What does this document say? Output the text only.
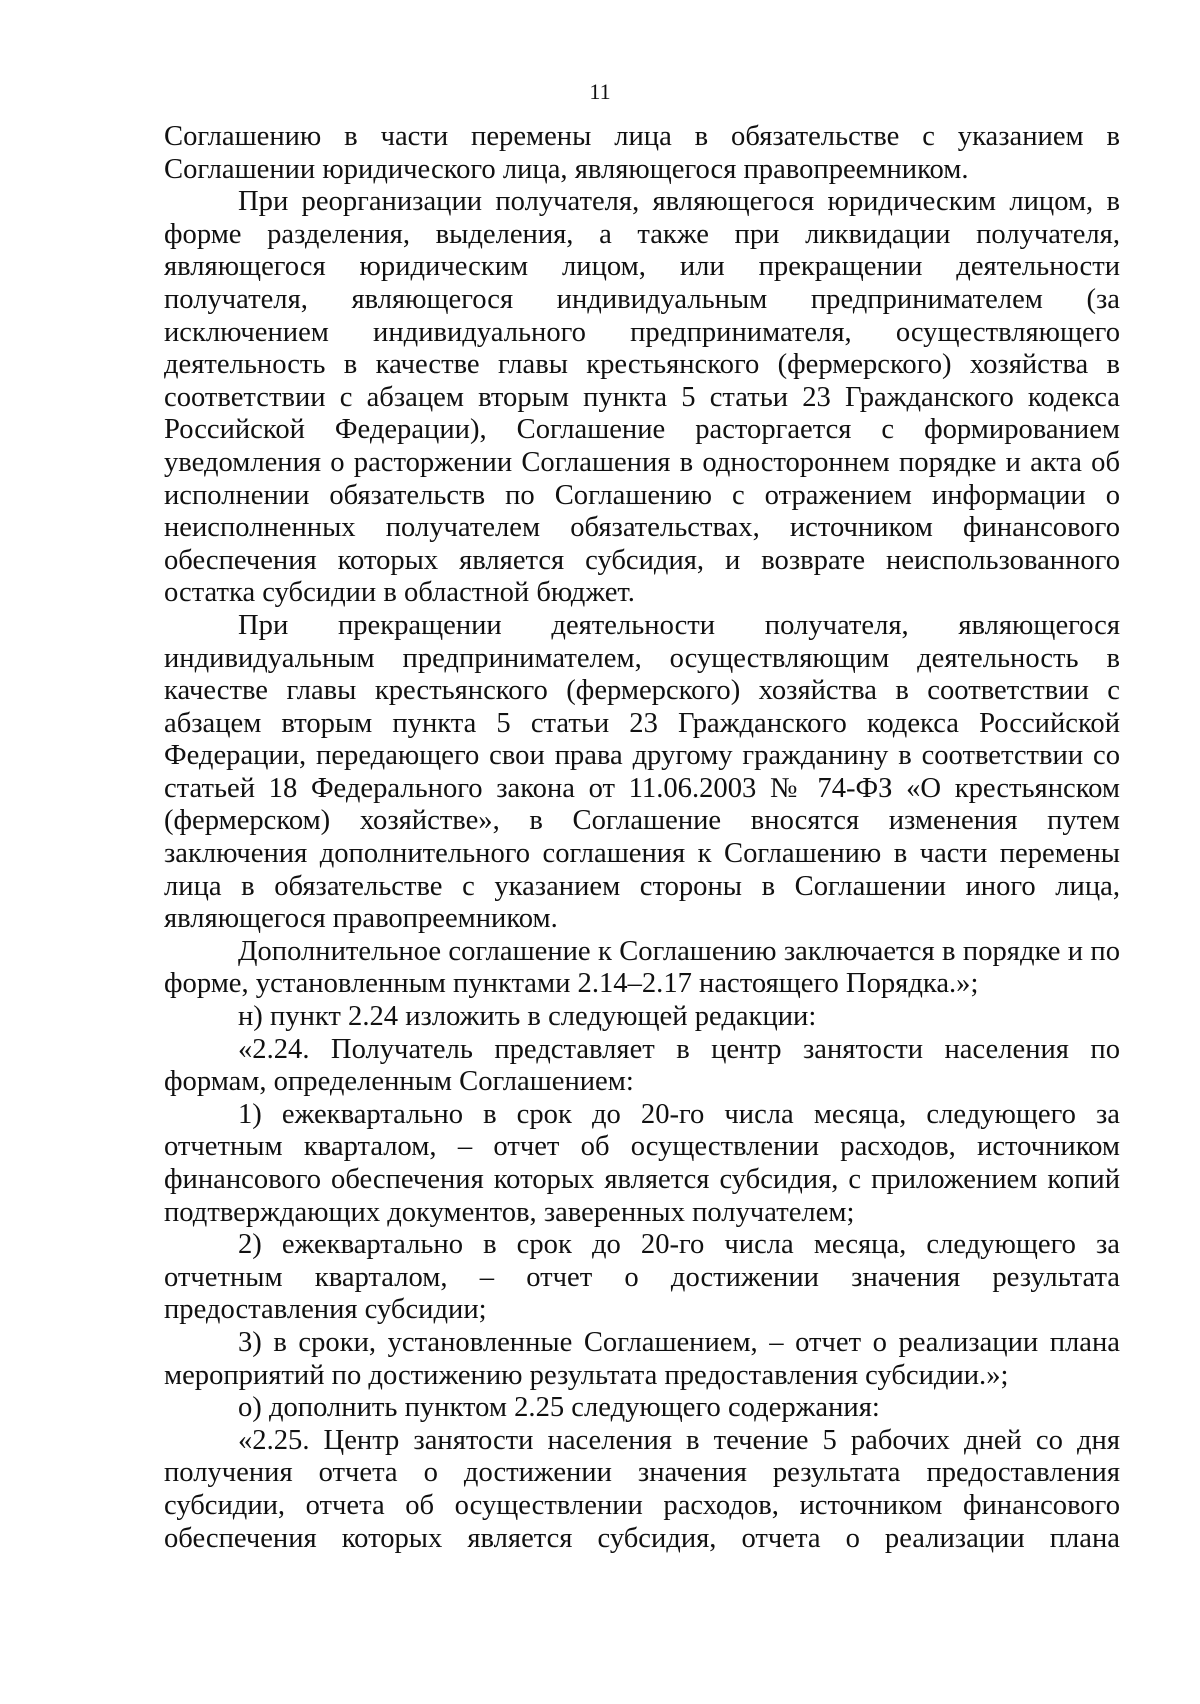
11

Соглашению в части перемены лица в обязательстве с указанием в Соглашении юридического лица, являющегося правопреемником.

При реорганизации получателя, являющегося юридическим лицом, в форме разделения, выделения, а также при ликвидации получателя, являющегося юридическим лицом, или прекращении деятельности получателя, являющегося индивидуальным предпринимателем (за исключением индивидуального предпринимателя, осуществляющего деятельность в качестве главы крестьянского (фермерского) хозяйства в соответствии с абзацем вторым пункта 5 статьи 23 Гражданского кодекса Российской Федерации), Соглашение расторгается с формированием уведомления о расторжении Соглашения в одностороннем порядке и акта об исполнении обязательств по Соглашению с отражением информации о неисполненных получателем обязательствах, источником финансового обеспечения которых является субсидия, и возврате неиспользованного остатка субсидии в областной бюджет.

При прекращении деятельности получателя, являющегося индивидуальным предпринимателем, осуществляющим деятельность в качестве главы крестьянского (фермерского) хозяйства в соответствии с абзацем вторым пункта 5 статьи 23 Гражданского кодекса Российской Федерации, передающего свои права другому гражданину в соответствии со статьей 18 Федерального закона от 11.06.2003 № 74-ФЗ «О крестьянском (фермерском) хозяйстве», в Соглашение вносятся изменения путем заключения дополнительного соглашения к Соглашению в части перемены лица в обязательстве с указанием стороны в Соглашении иного лица, являющегося правопреемником.

Дополнительное соглашение к Соглашению заключается в порядке и по форме, установленным пунктами 2.14–2.17 настоящего Порядка.»;

н) пункт 2.24 изложить в следующей редакции:

«2.24. Получатель представляет в центр занятости населения по формам, определенным Соглашением:

1) ежеквартально в срок до 20-го числа месяца, следующего за отчетным кварталом, – отчет об осуществлении расходов, источником финансового обеспечения которых является субсидия, с приложением копий подтверждающих документов, заверенных получателем;

2) ежеквартально в срок до 20-го числа месяца, следующего за отчетным кварталом, – отчет о достижении значения результата предоставления субсидии;

3) в сроки, установленные Соглашением, – отчет о реализации плана мероприятий по достижению результата предоставления субсидии.»;

о) дополнить пунктом 2.25 следующего содержания:

«2.25. Центр занятости населения в течение 5 рабочих дней со дня получения отчета о достижении значения результата предоставления субсидии, отчета об осуществлении расходов, источником финансового обеспечения которых является субсидия, отчета о реализации плана
